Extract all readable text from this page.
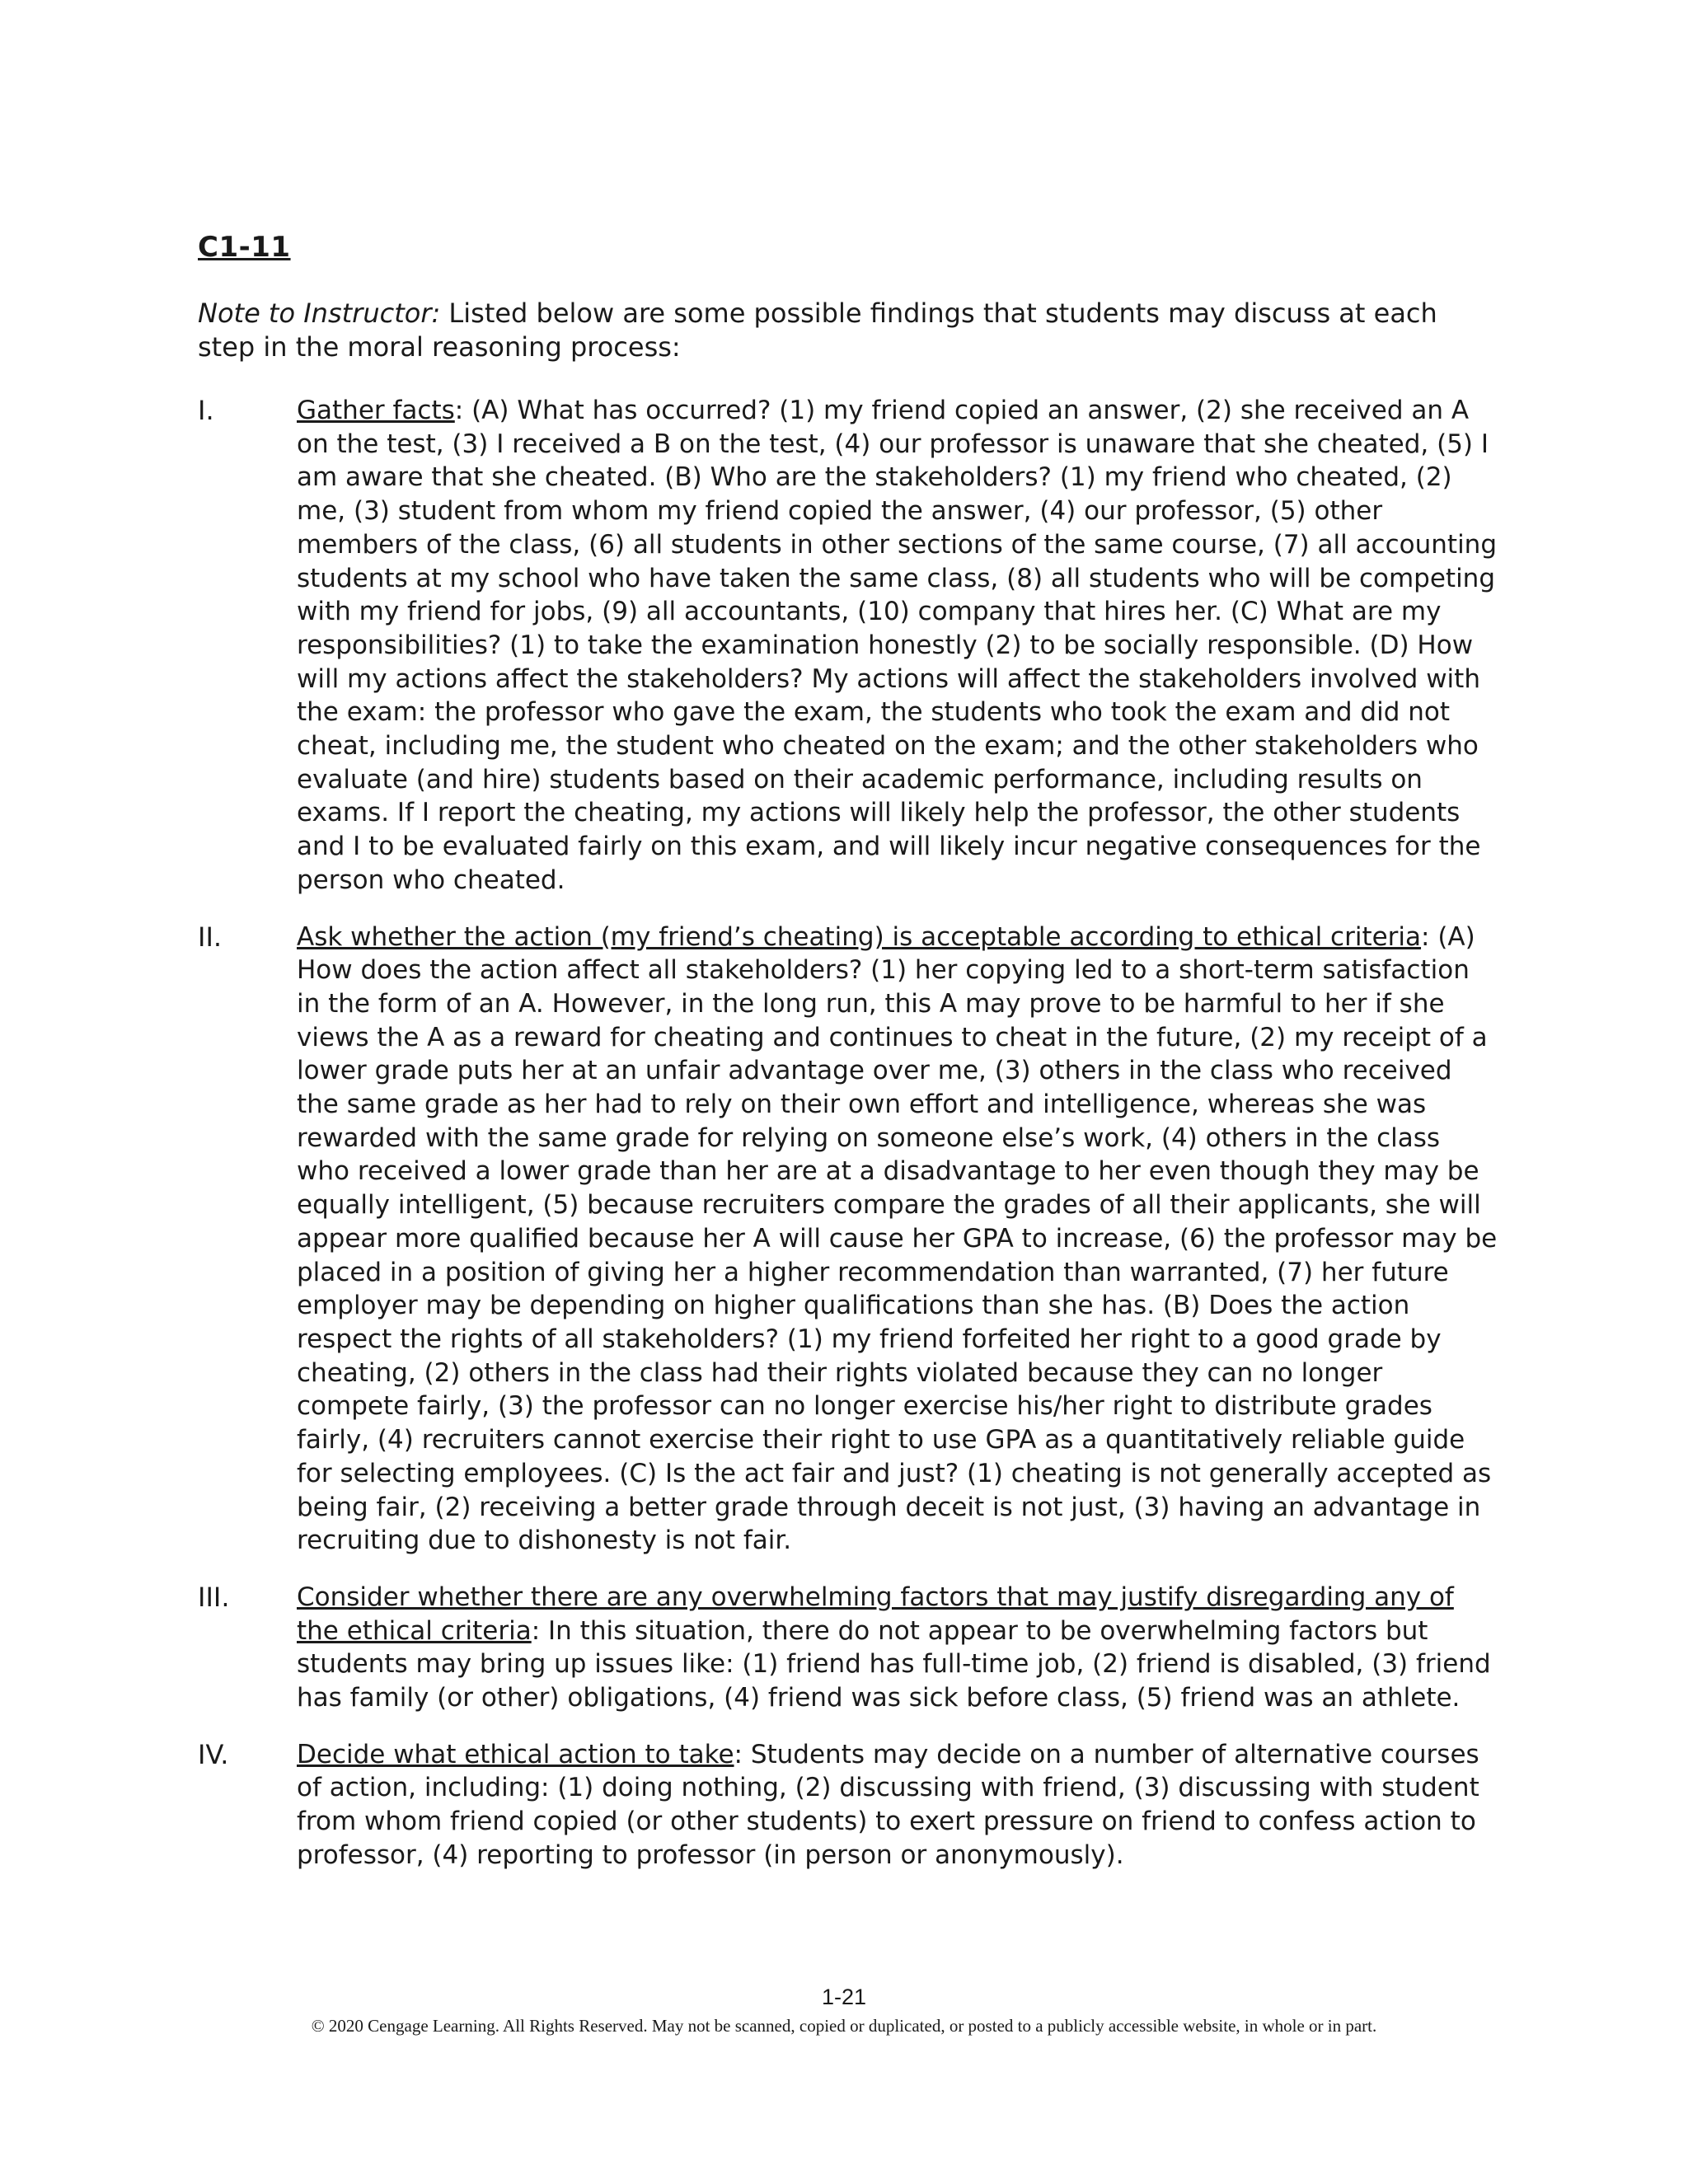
C1-11
Note to Instructor: Listed below are some possible findings that students may discuss at each step in the moral reasoning process:
I.	Gather facts: (A) What has occurred? (1) my friend copied an answer, (2) she received an A on the test, (3) I received a B on the test, (4) our professor is unaware that she cheated, (5) I am aware that she cheated. (B) Who are the stakeholders? (1) my friend who cheated, (2) me, (3) student from whom my friend copied the answer, (4) our professor, (5) other members of the class, (6) all students in other sections of the same course, (7) all accounting students at my school who have taken the same class, (8) all students who will be competing with my friend for jobs, (9) all accountants, (10) company that hires her. (C) What are my responsibilities? (1) to take the examination honestly (2) to be socially responsible. (D) How will my actions affect the stakeholders? My actions will affect the stakeholders involved with the exam: the professor who gave the exam, the students who took the exam and did not cheat, including me, the student who cheated on the exam; and the other stakeholders who evaluate (and hire) students based on their academic performance, including results on exams. If I report the cheating, my actions will likely help the professor, the other students and I to be evaluated fairly on this exam, and will likely incur negative consequences for the person who cheated.
II.	Ask whether the action (my friend’s cheating) is acceptable according to ethical criteria: (A) How does the action affect all stakeholders? (1) her copying led to a short-term satisfaction in the form of an A. However, in the long run, this A may prove to be harmful to her if she views the A as a reward for cheating and continues to cheat in the future, (2) my receipt of a lower grade puts her at an unfair advantage over me, (3) others in the class who received the same grade as her had to rely on their own effort and intelligence, whereas she was rewarded with the same grade for relying on someone else’s work, (4) others in the class who received a lower grade than her are at a disadvantage to her even though they may be equally intelligent, (5) because recruiters compare the grades of all their applicants, she will appear more qualified because her A will cause her GPA to increase, (6) the professor may be placed in a position of giving her a higher recommendation than warranted, (7) her future employer may be depending on higher qualifications than she has. (B) Does the action respect the rights of all stakeholders? (1) my friend forfeited her right to a good grade by cheating, (2) others in the class had their rights violated because they can no longer compete fairly, (3) the professor can no longer exercise his/her right to distribute grades fairly, (4) recruiters cannot exercise their right to use GPA as a quantitatively reliable guide for selecting employees. (C) Is the act fair and just? (1) cheating is not generally accepted as being fair, (2) receiving a better grade through deceit is not just, (3) having an advantage in recruiting due to dishonesty is not fair.
III.	Consider whether there are any overwhelming factors that may justify disregarding any of the ethical criteria: In this situation, there do not appear to be overwhelming factors but students may bring up issues like: (1) friend has full-time job, (2) friend is disabled, (3) friend has family (or other) obligations, (4) friend was sick before class, (5) friend was an athlete.
IV.	Decide what ethical action to take: Students may decide on a number of alternative courses of action, including: (1) doing nothing, (2) discussing with friend, (3) discussing with student from whom friend copied (or other students) to exert pressure on friend to confess action to professor, (4) reporting to professor (in person or anonymously).
1-21
© 2020 Cengage Learning. All Rights Reserved. May not be scanned, copied or duplicated, or posted to a publicly accessible website, in whole or in part.
